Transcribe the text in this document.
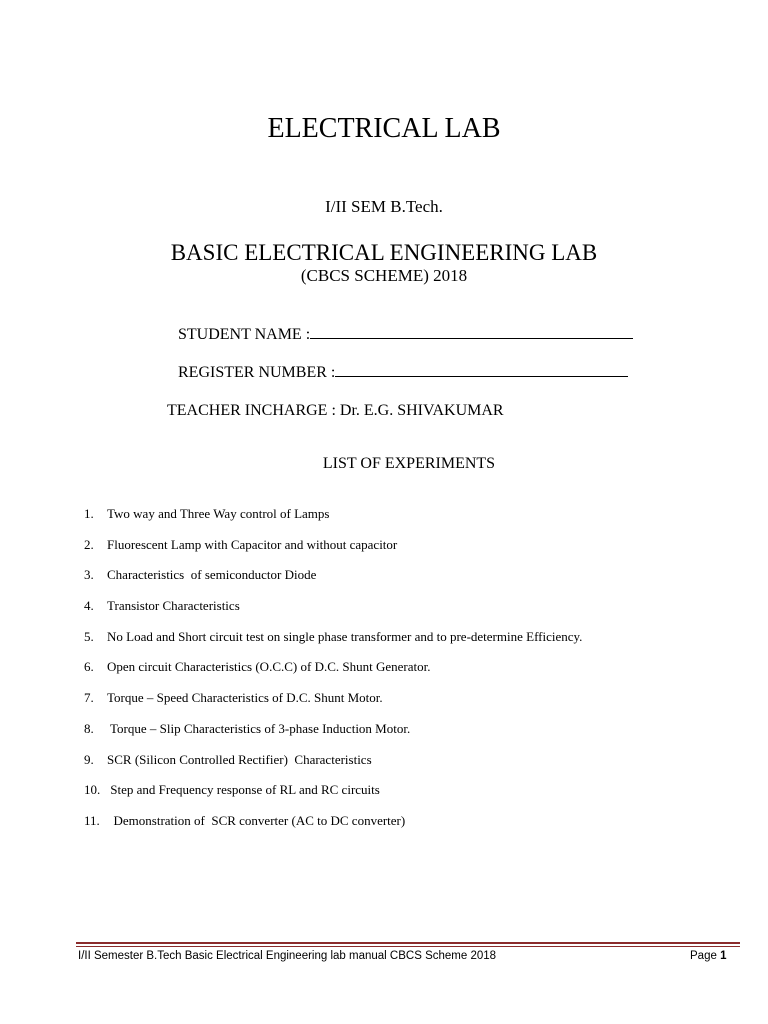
ELECTRICAL LAB
I/II SEM B.Tech.
BASIC ELECTRICAL ENGINEERING LAB
(CBCS SCHEME) 2018
STUDENT NAME :
REGISTER NUMBER :
TEACHER INCHARGE : Dr. E.G. SHIVAKUMAR
LIST OF EXPERIMENTS
1. Two way and Three Way control of Lamps
2. Fluorescent Lamp with Capacitor and without capacitor
3. Characteristics  of semiconductor Diode
4. Transistor Characteristics
5. No Load and Short circuit test on single phase transformer and to pre-determine Efficiency.
6. Open circuit Characteristics (O.C.C) of D.C. Shunt Generator.
7. Torque – Speed Characteristics of D.C. Shunt Motor.
8. Torque – Slip Characteristics of 3-phase Induction Motor.
9. SCR (Silicon Controlled Rectifier)  Characteristics
10. Step and Frequency response of RL and RC circuits
11.  Demonstration of  SCR converter (AC to DC converter)
I/II Semester B.Tech Basic Electrical Engineering lab manual CBCS Scheme 2018	Page 1
